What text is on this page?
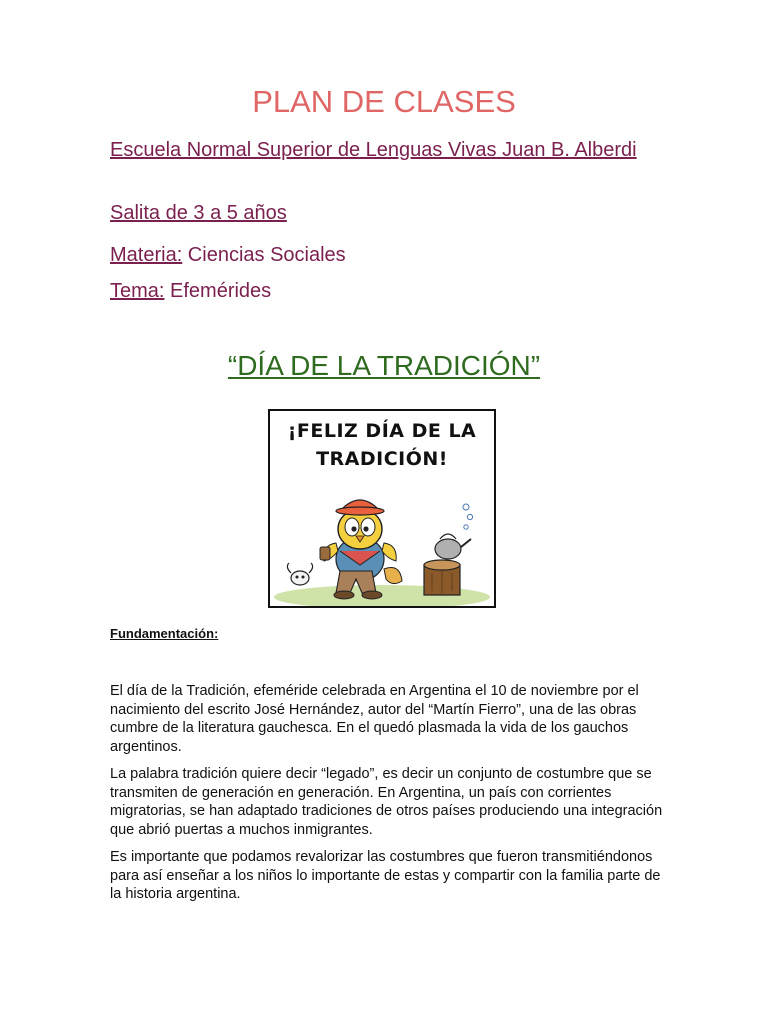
PLAN DE CLASES

Escuela Normal Superior de Lenguas Vivas Juan B. Alberdi

Salita de 3 a 5 años

Materia: Ciencias Sociales

Tema: Efemérides

“DÍA DE LA TRADICIÓN”
¡FELIZ DÍA DE LA
TRADICIÓN!

Fundamentación:

El día de la Tradición, efeméride celebrada en Argentina el 10 de noviembre por el nacimiento del escrito José Hernández, autor del “Martín Fierro”, una de las obras cumbre de la literatura gauchesca. En el quedó plasmada la vida de los gauchos argentinos.

La palabra tradición quiere decir “legado”, es decir un conjunto de costumbre que se transmiten de generación en generación. En Argentina, un país con corrientes migratorias, se han adaptado tradiciones de otros países produciendo una integración que abrió puertas a muchos inmigrantes.

Es importante que podamos revalorizar las costumbres que fueron transmitiéndonos para así enseñar a los niños lo importante de estas y compartir con la familia parte de la historia argentina.
